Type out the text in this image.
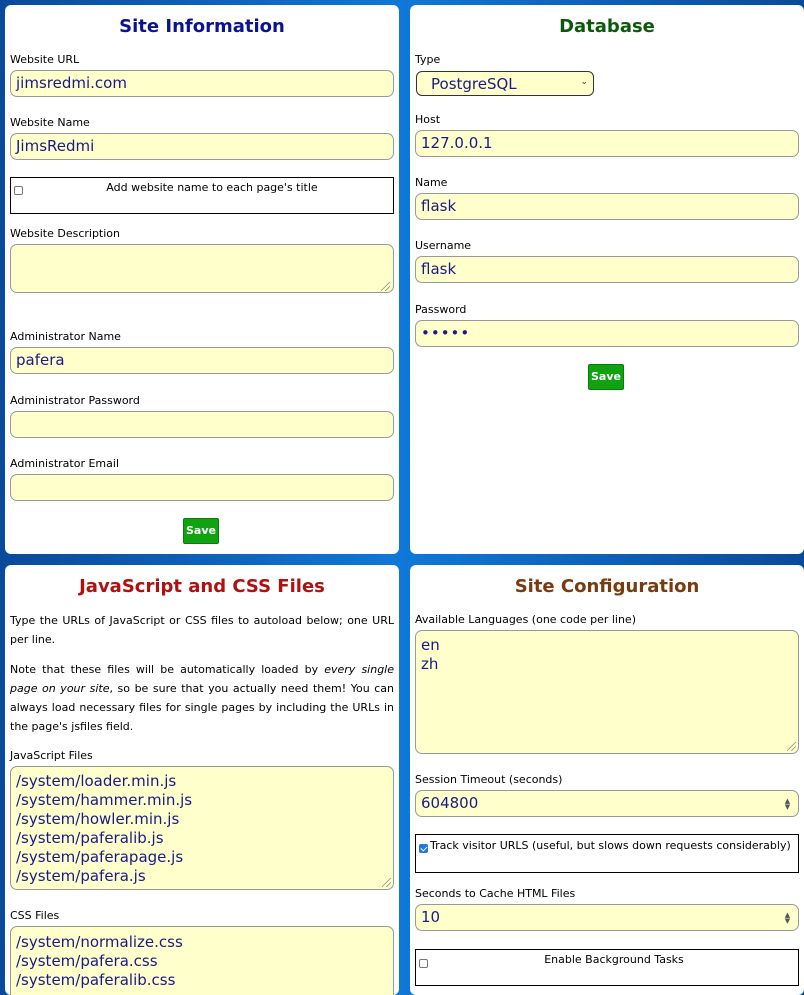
Site Information
Website URL
jimsredmi.com
Website Name
JimsRedmi
Add website name to each page's title
Website Description
Administrator Name
pafera
Administrator Password
Administrator Email
Save
Database
Type
PostgreSQL	⌄
Host
127.0.0.1
Name
flask
Username
flask
Password
•••••
Save
JavaScript and CSS Files
Type the URLs of JavaScript or CSS files to autoload below; one URL per line.
Note that these files will be automatically loaded by every single page on your site, so be sure that you actually need them! You can always load necessary files for single pages by including the URLs in the page's jsfiles field.
JavaScript Files
/system/loader.min.js
/system/hammer.min.js
/system/howler.min.js
/system/paferalib.js
/system/paferapage.js
/system/pafera.js
CSS Files
/system/normalize.css
/system/pafera.css
/system/paferalib.css
Site Configuration
Available Languages (one code per line)
en
zh
Session Timeout (seconds)
604800	▲
▼
Track visitor URLS (useful, but slows down requests considerably)
Seconds to Cache HTML Files
10	▲
▼
Enable Background Tasks
